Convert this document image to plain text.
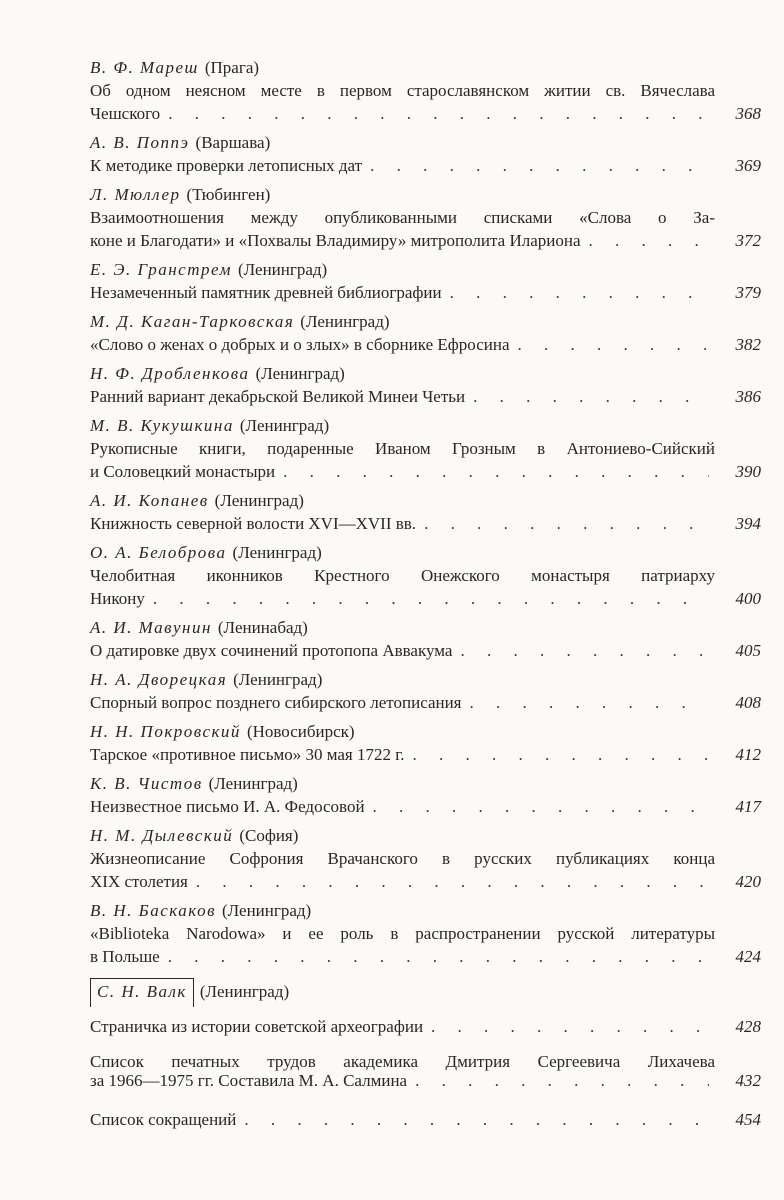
В. Ф. Мареш (Прага)
Об одном неясном месте в первом старославянском житии св. Вячеслава
Чешского . . .	368
А. В. Поппэ (Варшава)
К методике проверки летописных дат . . .	369
Л. Мюллер (Тюбинген)
Взаимоотношения между опубликованными списками «Слова о За-
коне и Благодати» и «Похвалы Владимиру» митрополита Илариона . . .	372
Е. Э. Гранстрем (Ленинград)
Незамеченный памятник древней библиографии . . .	379
М. Д. Каган-Тарковская (Ленинград)
«Слово о женах о добрых и о злых» в сборнике Ефросина . . .	382
Н. Ф. Дробленкова (Ленинград)
Ранний вариант декабрьской Великой Минеи Четьи . . .	386
М. В. Кукушкина (Ленинград)
Рукописные книги, подаренные Иваном Грозным в Антониево-Сийский
и Соловецкий монастыри . . .	390
А. И. Копанев (Ленинград)
Книжность северной волости XVI—XVII вв. . . .	394
О. А. Белоброва (Ленинград)
Челобитная иконников Крестного Онежского монастыря патриарху
Никону . . .	400
А. И. Мавунин (Ленинабад)
О датировке двух сочинений протопопа Аввакума . . .	405
Н. А. Дворецкая (Ленинград)
Спорный вопрос позднего сибирского летописания . . .	408
Н. Н. Покровский (Новосибирск)
Тарское «противное письмо» 30 мая 1722 г. . . .	412
К. В. Чистов (Ленинград)
Неизвестное письмо И. А. Федосовой . . .	417
Н. М. Дылевский (София)
Жизнеописание Софрония Врачанского в русских публикациях конца
XIX столетия . . .	420
В. Н. Баскаков (Ленинград)
«Biblioteka Narodowa» и ее роль в распространении русской литературы
в Польше . . .	424
С. Н. Валк (Ленинград)
Страничка из истории советской археографии . . .	428
Список печатных трудов академика Дмитрия Сергеевича Лихачева
за 1966—1975 гг. Составила М. А. Салмина . . .	432
Список сокращений . . .	454
